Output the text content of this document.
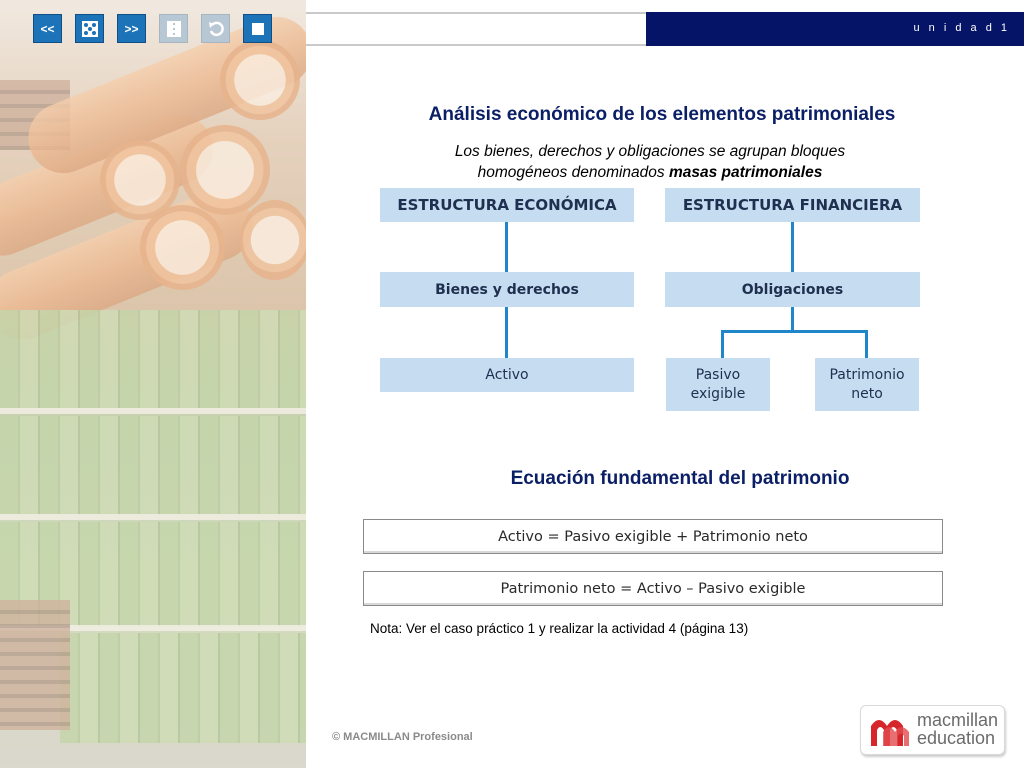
<<	>>	u n i d a d 1
Análisis económico de los elementos patrimoniales
Los bienes, derechos y obligaciones se agrupan bloques
homogéneos denominados masas patrimoniales
ESTRUCTURA ECONÓMICA
Bienes y derechos
Activo
ESTRUCTURA FINANCIERA
Obligaciones
Pasivo
exigible
Patrimonio
neto
Ecuación fundamental del patrimonio
Activo = Pasivo exigible + Patrimonio neto
Patrimonio neto = Activo – Pasivo exigible
Nota: Ver el caso práctico 1 y realizar la actividad 4 (página 13)
© MACMILLAN Profesional
macmillan
education
